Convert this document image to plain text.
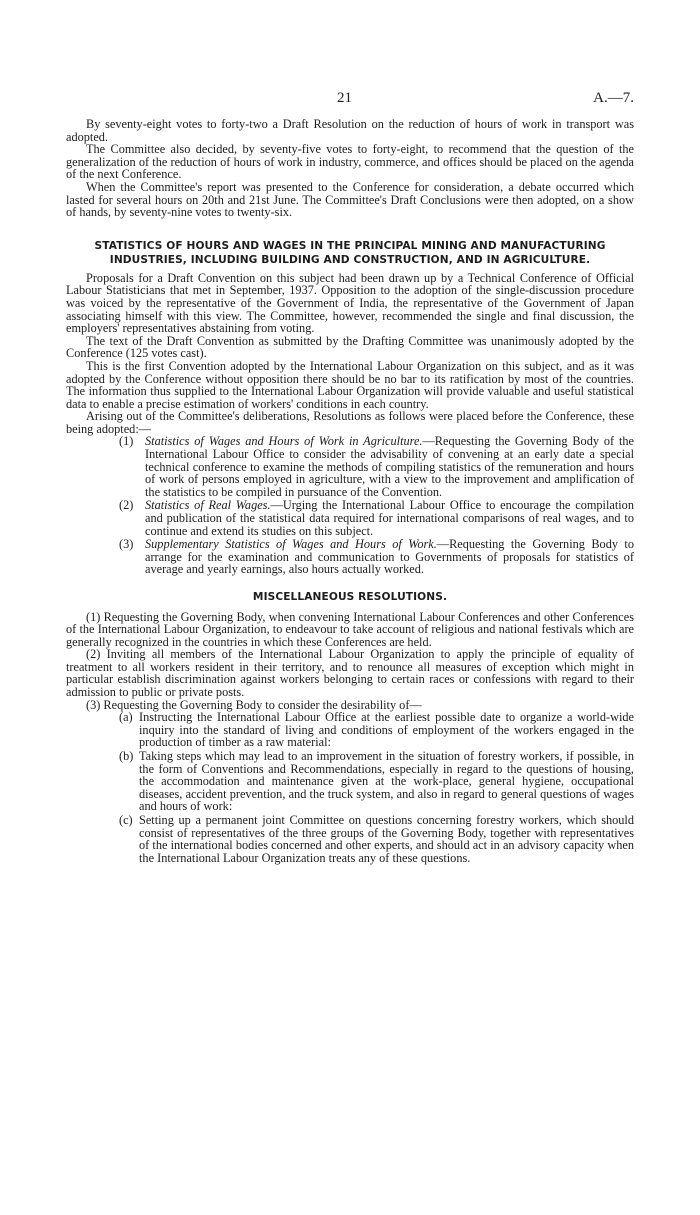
21	A.—7.

By seventy-eight votes to forty-two a Draft Resolution on the reduction of hours of work in transport was adopted.

The Committee also decided, by seventy-five votes to forty-eight, to recommend that the question of the generalization of the reduction of hours of work in industry, commerce, and offices should be placed on the agenda of the next Conference.

When the Committee's report was presented to the Conference for consideration, a debate occurred which lasted for several hours on 20th and 21st June. The Committee's Draft Conclusions were then adopted, on a show of hands, by seventy-nine votes to twenty-six.

STATISTICS OF HOURS AND WAGES IN THE PRINCIPAL MINING AND MANUFACTURING
INDUSTRIES, INCLUDING BUILDING AND CONSTRUCTION, AND IN AGRICULTURE.

Proposals for a Draft Convention on this subject had been drawn up by a Technical Conference of Official Labour Statisticians that met in September, 1937. Opposition to the adoption of the single-discussion procedure was voiced by the representative of the Government of India, the representative of the Government of Japan associating himself with this view. The Committee, however, recommended the single and final discussion, the employers' representatives abstaining from voting.

The text of the Draft Convention as submitted by the Drafting Committee was unanimously adopted by the Conference (125 votes cast).

This is the first Convention adopted by the International Labour Organization on this subject, and as it was adopted by the Conference without opposition there should be no bar to its ratification by most of the countries. The information thus supplied to the International Labour Organization will provide valuable and useful statistical data to enable a precise estimation of workers' conditions in each country.

Arising out of the Committee's deliberations, Resolutions as follows were placed before the Conference, these being adopted:—

(1) Statistics of Wages and Hours of Work in Agriculture.—Requesting the Governing Body of the International Labour Office to consider the advisability of convening at an early date a special technical conference to examine the methods of compiling statistics of the remuneration and hours of work of persons employed in agriculture, with a view to the improvement and amplification of the statistics to be compiled in pursuance of the Convention.
(2) Statistics of Real Wages.—Urging the International Labour Office to encourage the compilation and publication of the statistical data required for international comparisons of real wages, and to continue and extend its studies on this subject.
(3) Supplementary Statistics of Wages and Hours of Work.—Requesting the Governing Body to arrange for the examination and communication to Governments of proposals for statistics of average and yearly earnings, also hours actually worked.
MISCELLANEOUS RESOLUTIONS.

(1) Requesting the Governing Body, when convening International Labour Conferences and other Conferences of the International Labour Organization, to endeavour to take account of religious and national festivals which are generally recognized in the countries in which these Conferences are held.

(2) Inviting all members of the International Labour Organization to apply the principle of equality of treatment to all workers resident in their territory, and to renounce all measures of exception which might in particular establish discrimination against workers belonging to certain races or confessions with regard to their admission to public or private posts.

(3) Requesting the Governing Body to consider the desirability of—

(a) Instructing the International Labour Office at the earliest possible date to organize a world-wide inquiry into the standard of living and conditions of employment of the workers engaged in the production of timber as a raw material:
(b) Taking steps which may lead to an improvement in the situation of forestry workers, if possible, in the form of Conventions and Recommendations, especially in regard to the questions of housing, the accommodation and maintenance given at the work-place, general hygiene, occupational diseases, accident prevention, and the truck system, and also in regard to general questions of wages and hours of work:
(c) Setting up a permanent joint Committee on questions concerning forestry workers, which should consist of representatives of the three groups of the Governing Body, together with representatives of the international bodies concerned and other experts, and should act in an advisory capacity when the International Labour Organization treats any of these questions.
